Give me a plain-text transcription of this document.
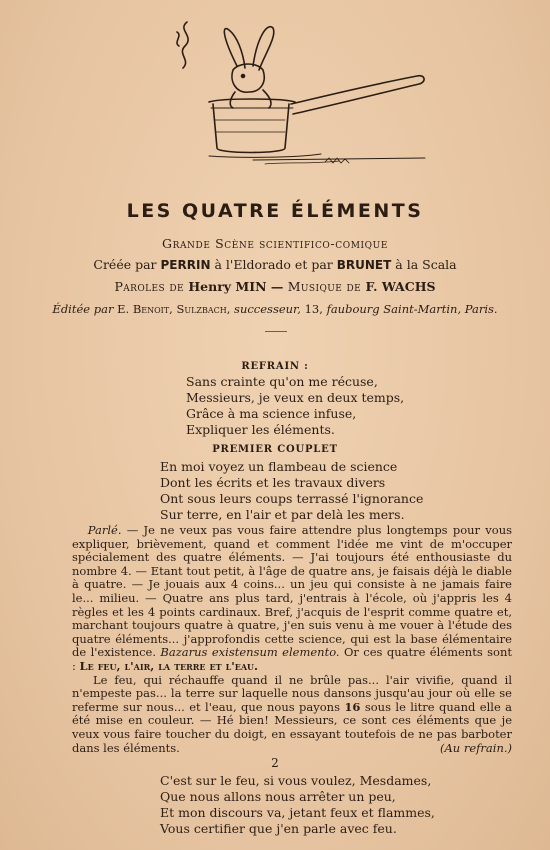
LES QUATRE ÉLÉMENTS
Grande Scène scientifico-comique
Créée par PERRIN à l'Eldorado et par BRUNET à la Scala
Paroles de Henry MIN — Musique de F. WACHS
Éditée par E. Benoit, Sulzbach, successeur, 13, faubourg Saint-Martin, Paris.
REFRAIN :
Sans crainte qu'on me récuse,
Messieurs, je veux en deux temps,
Grâce à ma science infuse,
Expliquer les éléments.
PREMIER COUPLET
En moi voyez un flambeau de science
Dont les écrits et les travaux divers
Ont sous leurs coups terrassé l'ignorance
Sur terre, en l'air et par delà les mers.

Parlé. — Je ne veux pas vous faire attendre plus longtemps pour vous expliquer, brièvement, quand et comment l'idée me vint de m'occuper spécialement des quatre éléments. — J'ai toujours été enthousiaste du nombre 4. — Etant tout petit, à l'âge de quatre ans, je faisais déjà le diable à quatre. — Je jouais aux 4 coins... un jeu qui consiste à ne jamais faire le... milieu. — Quatre ans plus tard, j'entrais à l'école, où j'appris les 4 règles et les 4 points cardinaux. Bref, j'acquis de l'esprit comme quatre et, marchant toujours quatre à quatre, j'en suis venu à me vouer à l'étude des quatre éléments... j'approfondis cette science, qui est la base élémentaire de l'existence. Bazarus existensum elemento. Or ces quatre éléments sont : Le feu, l'air, la terre et l'eau.

Le feu, qui réchauffe quand il ne brûle pas... l'air vivifie, quand il n'empeste pas... la terre sur laquelle nous dansons jusqu'au jour où elle se referme sur nous... et l'eau, que nous payons 16 sous le litre quand elle a été mise en couleur. — Hé bien! Messieurs, ce sont ces éléments que je veux vous faire toucher du doigt, en essayant toutefois de ne pas barboter dans les éléments.	(Au refrain.)

2
C'est sur le feu, si vous voulez, Mesdames,
Que nous allons nous arrêter un peu,
Et mon discours va, jetant feux et flammes,
Vous certifier que j'en parle avec feu.
